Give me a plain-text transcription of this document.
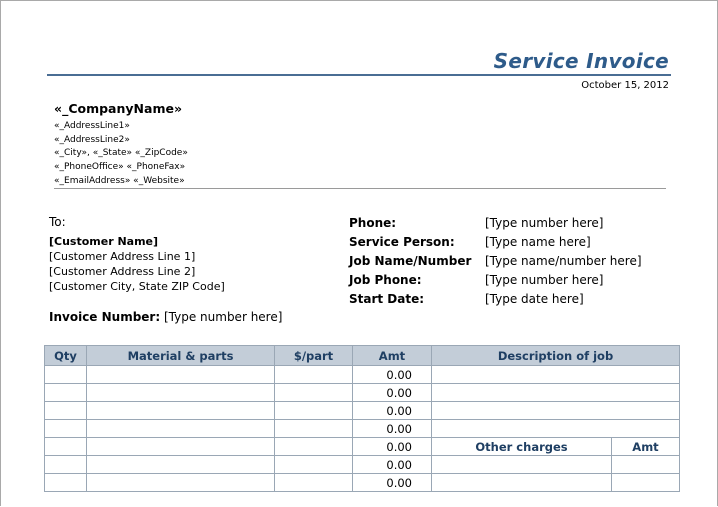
Service Invoice
October 15, 2012
«_CompanyName»
«_AddressLine1»
«_AddressLine2»
«_City», «_State» «_ZipCode»
«_PhoneOffice» «_PhoneFax»
«_EmailAddress» «_Website»
To:
[Customer Name]
[Customer Address Line 1]
[Customer Address Line 2]
[Customer City, State ZIP Code]
Invoice Number: [Type number here]
Phone:	[Type number here]
Service Person:	[Type name here]
Job Name/Number [Type name/number here]
Job Phone:	[Type number here]
Start Date:	[Type date here]
Qty	Material & parts	$/part	Amt	Description of job	
			0.00		
			0.00		
			0.00		
			0.00		
			0.00	Other charges	Amt
			0.00		
			0.00		
